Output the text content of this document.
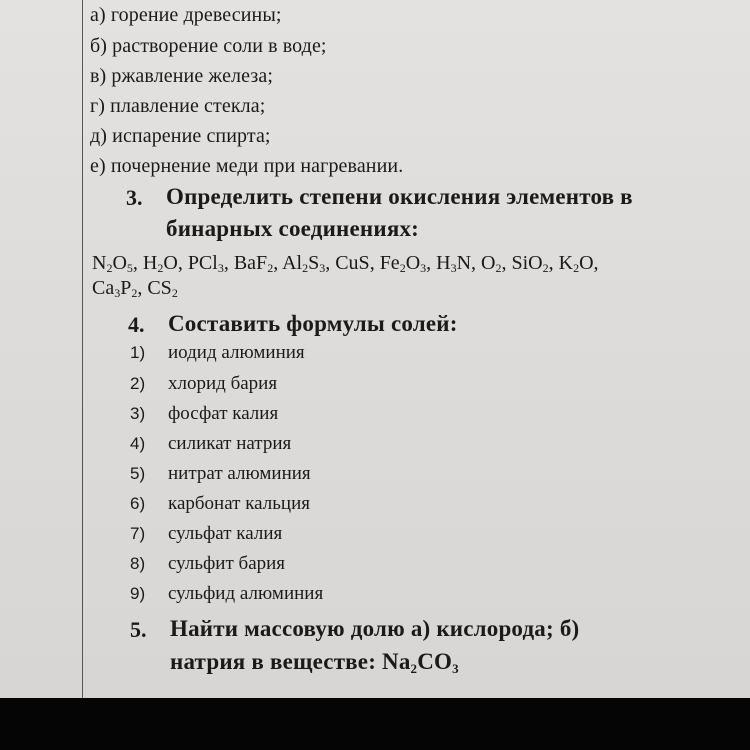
а) горение древесины;
б) растворение соли в воде;
в) ржавление железа;
г) плавление стекла;
д) испарение спирта;
е) почернение меди при нагревании.
3. Определить степени окисления элементов в
бинарных соединениях:
$N_2O_5$, $H_2O$, PCl$_3$, BaF$_2$, $Al_2S_3$, CuS, $Fe_2O_3$, $H_3N$, $O_2$, SiO$_2$, $K_2O$,
$Ca_3P_2$, $CS_2$
4. Составить формулы солей:
1) иодид алюминия
2) хлорид бария
3) фосфат калия
4) силикат натрия
5) нитрат алюминия
6) карбонат кальция
7) сульфат калия
8) сульфит бария
9) сульфид алюминия
5. Найти массовую долю а) кислорода; б)
натрия в веществе: $Na_2CO_3$
